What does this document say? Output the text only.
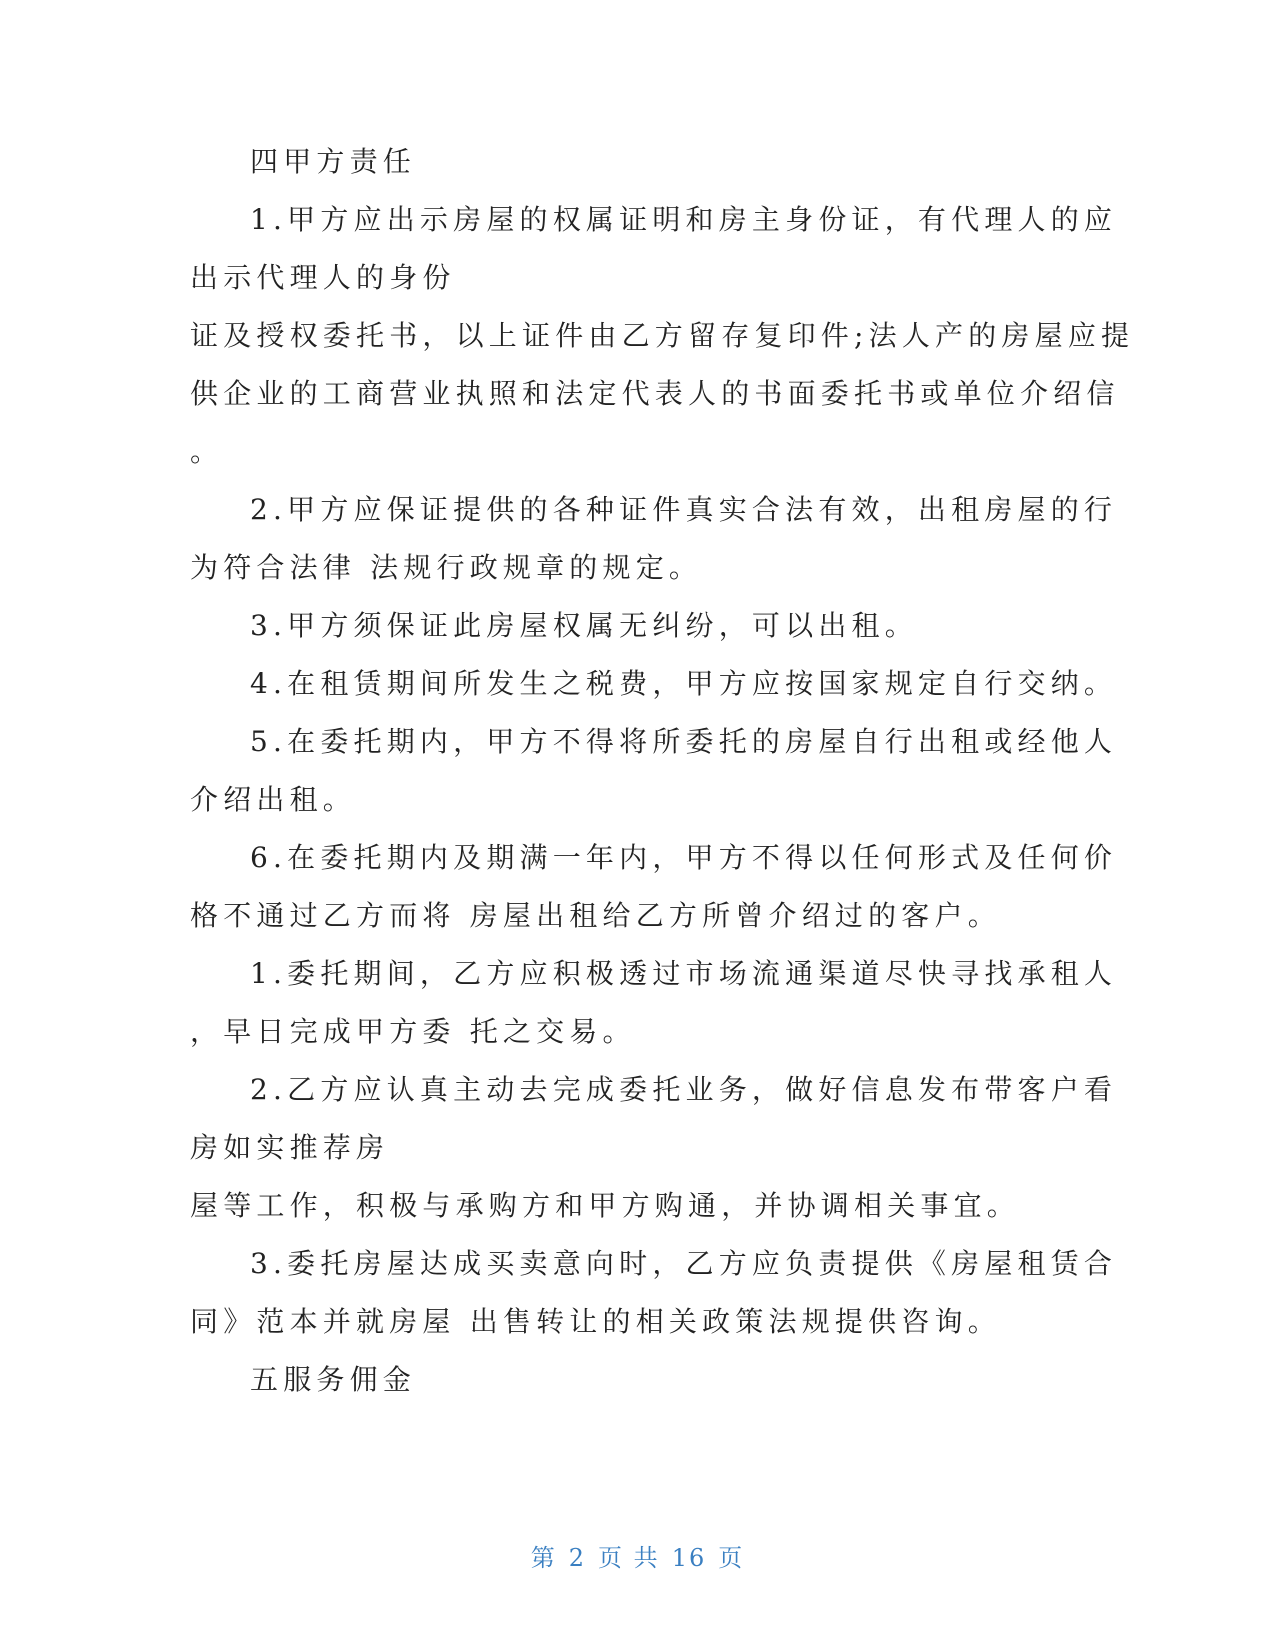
四甲方责任
1.甲方应出示房屋的权属证明和房主身份证，有代理人的应
出示代理人的身份
证及授权委托书，以上证件由乙方留存复印件;法人产的房屋应提
供企业的工商营业执照和法定代表人的书面委托书或单位介绍信
。
2.甲方应保证提供的各种证件真实合法有效，出租房屋的行
为符合法律 法规行政规章的规定。
3.甲方须保证此房屋权属无纠纷，可以出租。
4.在租赁期间所发生之税费，甲方应按国家规定自行交纳。
5.在委托期内，甲方不得将所委托的房屋自行出租或经他人
介绍出租。
6.在委托期内及期满一年内，甲方不得以任何形式及任何价
格不通过乙方而将 房屋出租给乙方所曾介绍过的客户。
1.委托期间，乙方应积极透过市场流通渠道尽快寻找承租人
，早日完成甲方委 托之交易。
2.乙方应认真主动去完成委托业务，做好信息发布带客户看
房如实推荐房
屋等工作，积极与承购方和甲方购通，并协调相关事宜。
3.委托房屋达成买卖意向时，乙方应负责提供《房屋租赁合
同》范本并就房屋 出售转让的相关政策法规提供咨询。
五服务佣金
第 2 页 共 16 页
